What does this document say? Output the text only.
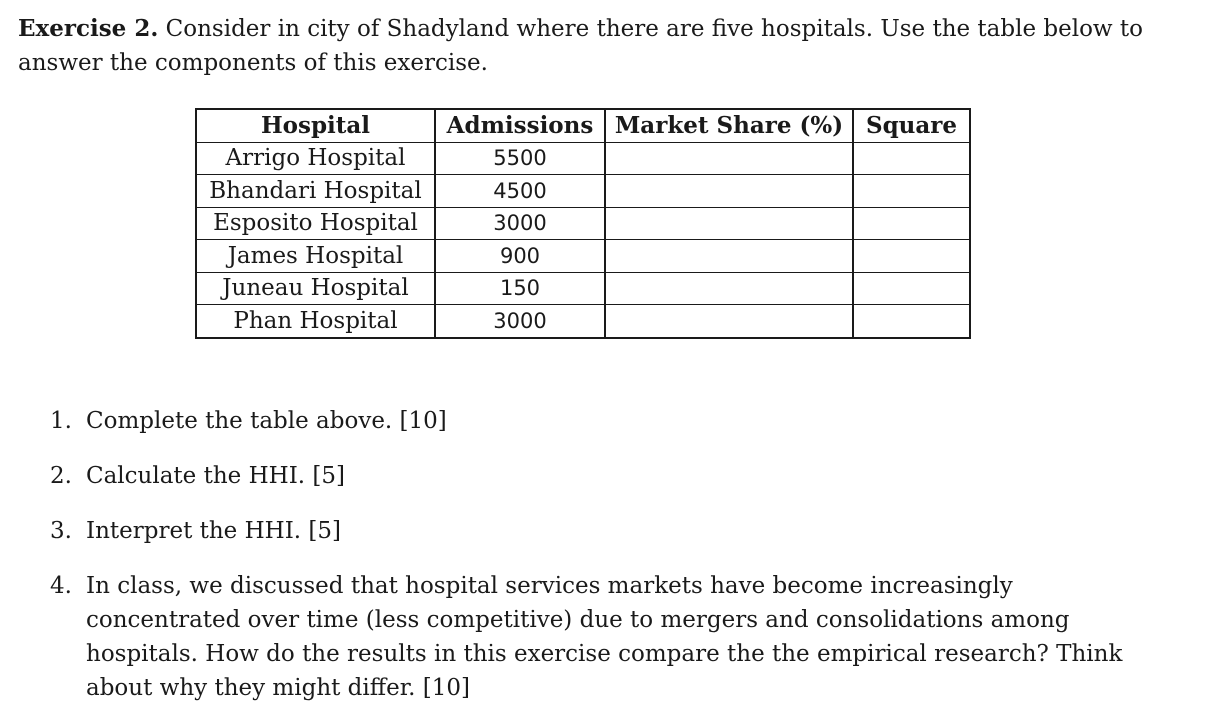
Exercise 2. Consider in city of Shadyland where there are five hospitals. Use the table below to answer the components of this exercise.
Hospital	Admissions	Market Share (%)	Square
Arrigo Hospital	5500		
Bhandari Hospital	4500		
Esposito Hospital	3000		
James Hospital	900		
Juneau Hospital	150		
Phan Hospital	3000		
1. Complete the table above. [10]
2. Calculate the HHI. [5]
3. Interpret the HHI. [5]
4. In class, we discussed that hospital services markets have become increasingly concentrated over time (less competitive) due to mergers and consolidations among hospitals. How do the results in this exercise compare the the empirical research? Think about why they might differ. [10]
